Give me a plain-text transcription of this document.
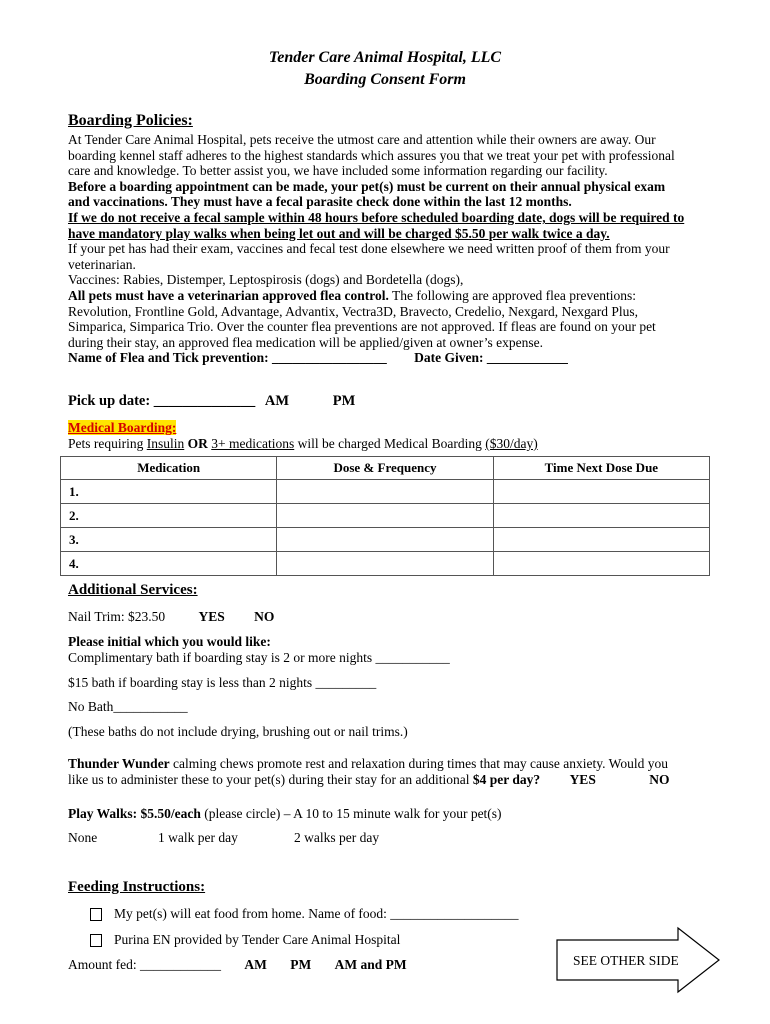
Tender Care Animal Hospital, LLC
Boarding Consent Form
Boarding Policies:
At Tender Care Animal Hospital, pets receive the utmost care and attention while their owners are away. Our
boarding kennel staff adheres to the highest standards which assures you that we treat your pet with professional
care and knowledge. To better assist you, we have included some information regarding our facility.
Before a boarding appointment can be made, your pet(s) must be current on their annual physical exam
and vaccinations. They must have a fecal parasite check done within the last 12 months.
If we do not receive a fecal sample within 48 hours before scheduled boarding date, dogs will be required to
have mandatory play walks when being let out and will be charged $5.50 per walk twice a day.
If your pet has had their exam, vaccines and fecal test done elsewhere we need written proof of them from your
veterinarian.
Vaccines: Rabies, Distemper, Leptospirosis (dogs) and Bordetella (dogs),
All pets must have a veterinarian approved flea control. The following are approved flea preventions:
Revolution, Frontline Gold, Advantage, Advantix, Vectra3D, Bravecto, Credelio, Nexgard, Nexgard Plus,
Simparica, Simparica Trio. Over the counter flea preventions are not approved. If fleas are found on your pet
during their stay, an approved flea medication will be applied/given at owner’s expense.
Name of Flea and Tick prevention: _________________ Date Given: ____________
Pick up date: ______________ AM	PM
Medical Boarding:
Pets requiring Insulin OR 3+ medications will be charged Medical Boarding ($30/day)
Medication	Dose & Frequency	Time Next Dose Due
1.		
2.		
3.		
4.		
Additional Services:
Nail Trim: $23.50 YES NO
Please initial which you would like:
Complimentary bath if boarding stay is 2 or more nights ___________
$15 bath if boarding stay is less than 2 nights _________
No Bath___________
(These baths do not include drying, brushing out or nail trims.)
Thunder Wunder calming chews promote rest and relaxation during times that may cause anxiety. Would you
like us to administer these to your pet(s) during their stay for an additional $4 per day? YES	NO
Play Walks: $5.50/each (please circle) – A 10 to 15 minute walk for your pet(s)
None	1 walk per day	2 walks per day
Feeding Instructions:
My pet(s) will eat food from home. Name of food: ___________________
Purina EN provided by Tender Care Animal Hospital
Amount fed: ____________ AM PM AM and PM	SEE OTHER SIDE
